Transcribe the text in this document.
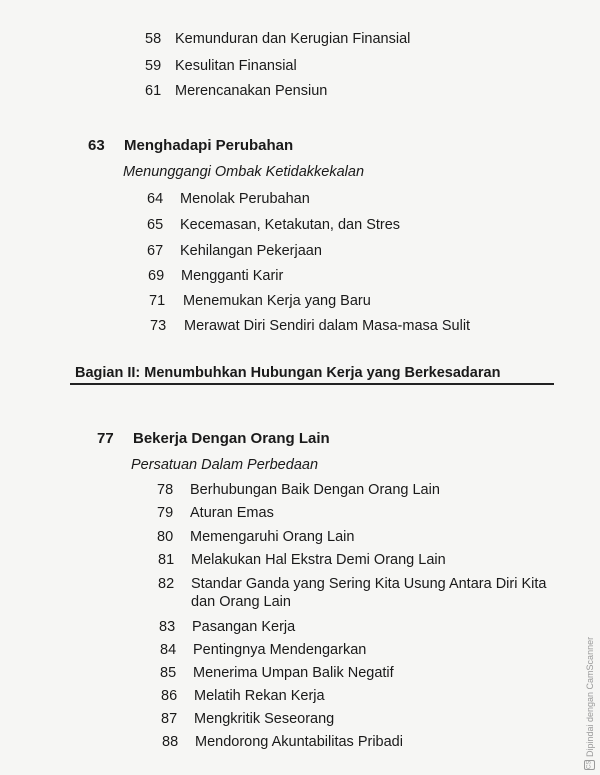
58 Kemunduran dan Kerugian Finansial
59 Kesulitan Finansial
61 Merencanakan Pensiun
63 Menghadapi Perubahan
Menunggangi Ombak Ketidakkekalan
64 Menolak Perubahan
65 Kecemasan, Ketakutan, dan Stres
67 Kehilangan Pekerjaan
69 Mengganti Karir
71 Menemukan Kerja yang Baru
73 Merawat Diri Sendiri dalam Masa-masa Sulit
Bagian II: Menumbuhkan Hubungan Kerja yang Berkesadaran
77 Bekerja Dengan Orang Lain
Persatuan Dalam Perbedaan
78 Berhubungan Baik Dengan Orang Lain
79 Aturan Emas
80 Memengaruhi Orang Lain
81 Melakukan Hal Ekstra Demi Orang Lain
82 Standar Ganda yang Sering Kita Usung Antara Diri Kita dan Orang Lain
83 Pasangan Kerja
84 Pentingnya Mendengarkan
85 Menerima Umpan Balik Negatif
86 Melatih Rekan Kerja
87 Mengkritik Seseorang
88 Mendorong Akuntabilitas Pribadi
CS
Dipindai dengan CamScanner
